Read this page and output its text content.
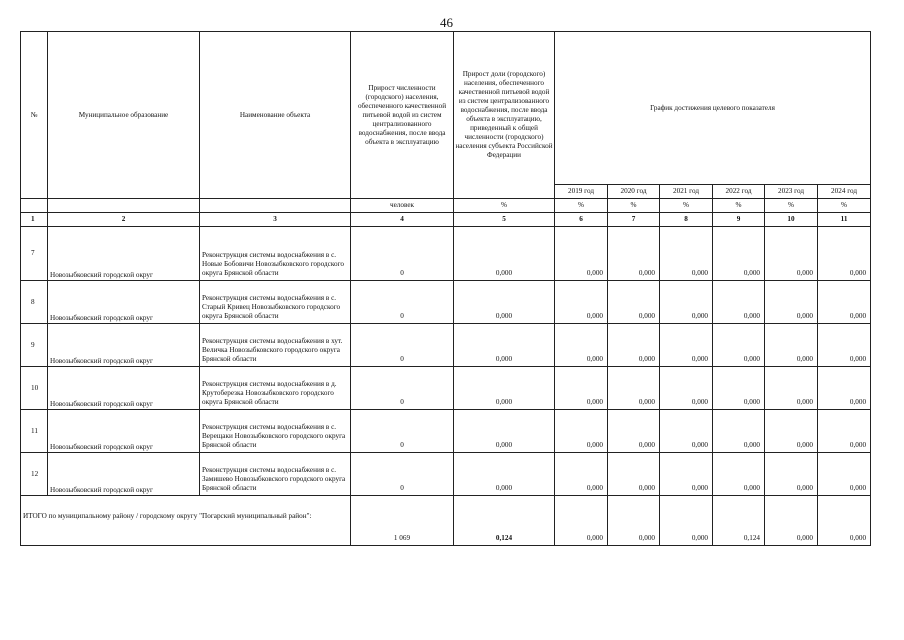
46
№	Муниципальное образование	Наименование объекта	Прирост численности (городского) населения, обеспеченного качественной питьевой водой из систем централизованного водоснабжения, после ввода объекта в эксплуатацию	Прирост доли (городского) населения, обеспеченного качественной питьевой водой из систем централизованного водоснабжения, после ввода объекта в эксплуатацию, приведенный к общей численности (городского) населения субъекта Российской Федерации	График достижения целевого показателя					
					2019 год	2020 год	2021 год	2022 год	2023 год	2024 год
			человек	%	%	%	%	%	%	%
1	2	3	4	5	6	7	8	9	10	11
7	Новозыбковский городской округ	Реконструкция системы водоснабжения в с. Новые Бобовичи Новозыбковского городского округа Брянской области	0	0,000	0,000	0,000	0,000	0,000	0,000	0,000
8	Новозыбковский городской округ	Реконструкция системы водоснабжения в с. Старый Кривец Новозыбковского городского округа Брянской области	0	0,000	0,000	0,000	0,000	0,000	0,000	0,000
9	Новозыбковский городской округ	Реконструкция системы водоснабжения в хут. Величка Новозыбковского городского округа Брянской области	0	0,000	0,000	0,000	0,000	0,000	0,000	0,000
10	Новозыбковский городской округ	Реконструкция системы водоснабжения в д. Крутоберезка Новозыбковского городского округа Брянской области	0	0,000	0,000	0,000	0,000	0,000	0,000	0,000
11	Новозыбковский городской округ	Реконструкция системы водоснабжения в с. Верещаки Новозыбковского городского округа Брянской области	0	0,000	0,000	0,000	0,000	0,000	0,000	0,000
12	Новозыбковский городской округ	Реконструкция системы водоснабжения в с. Замишево Новозыбковского городского округа Брянской области	0	0,000	0,000	0,000	0,000	0,000	0,000	0,000
ИТОГО по муниципальному району / городскому округу "Погарский муниципальный район":			1 069	0,124	0,000	0,000	0,000	0,124	0,000	0,000
